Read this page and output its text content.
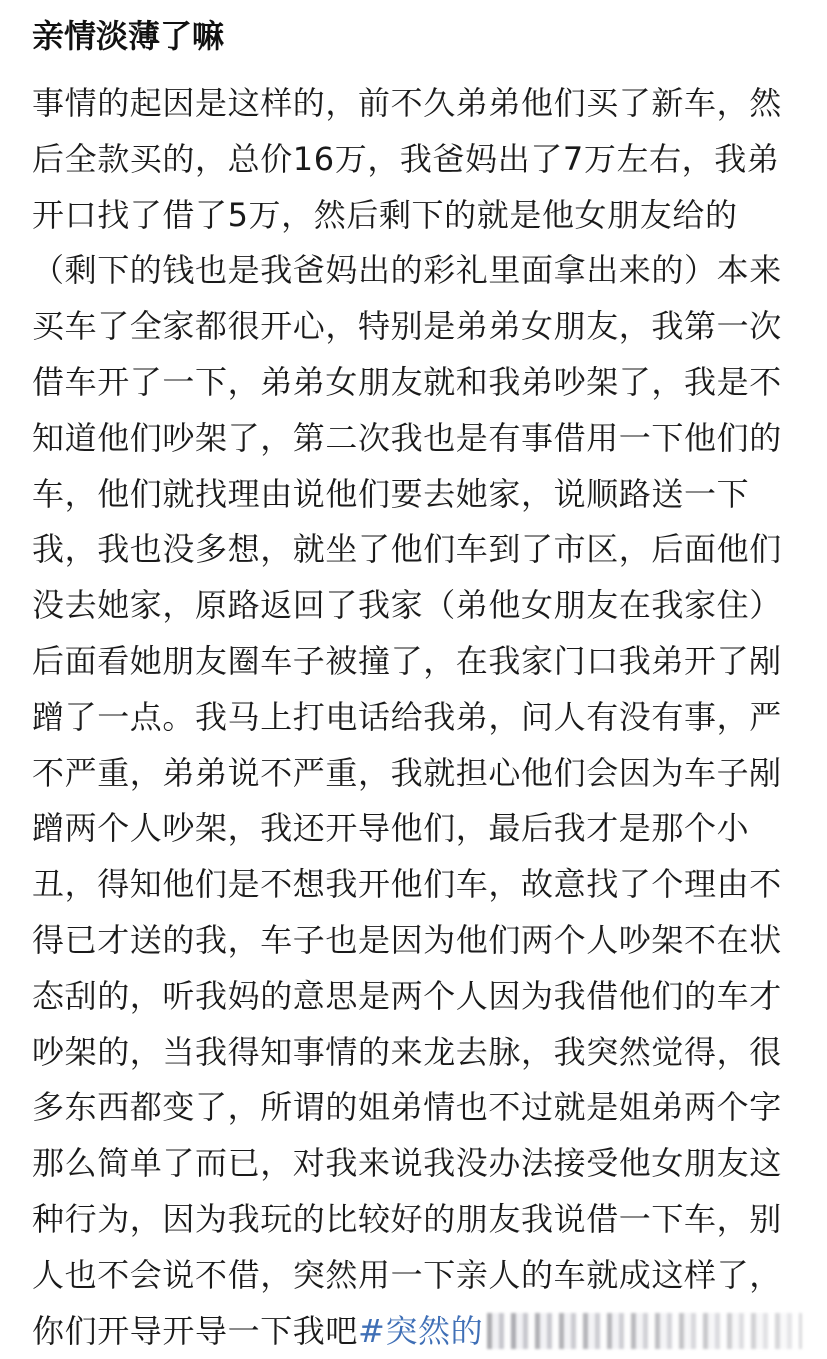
亲情淡薄了嘛
事情的起因是这样的，前不久弟弟他们买了新车，然
后全款买的，总价16万，我爸妈出了7万左右，我弟
开口找了借了5万，然后剩下的就是他女朋友给的
（剩下的钱也是我爸妈出的彩礼里面拿出来的）本来
买车了全家都很开心，特别是弟弟女朋友，我第一次
借车开了一下，弟弟女朋友就和我弟吵架了，我是不
知道他们吵架了，第二次我也是有事借用一下他们的
车，他们就找理由说他们要去她家，说顺路送一下
我，我也没多想，就坐了他们车到了市区，后面他们
没去她家，原路返回了我家（弟他女朋友在我家住）
后面看她朋友圈车子被撞了，在我家门口我弟开了剐
蹭了一点。我马上打电话给我弟，问人有没有事，严
不严重，弟弟说不严重，我就担心他们会因为车子剐
蹭两个人吵架，我还开导他们，最后我才是那个小
丑，得知他们是不想我开他们车，故意找了个理由不
得已才送的我，车子也是因为他们两个人吵架不在状
态刮的，听我妈的意思是两个人因为我借他们的车才
吵架的，当我得知事情的来龙去脉，我突然觉得，很
多东西都变了，所谓的姐弟情也不过就是姐弟两个字
那么简单了而已，对我来说我没办法接受他女朋友这
种行为，因为我玩的比较好的朋友我说借一下车，别
人也不会说不借，突然用一下亲人的车就成这样了，
你们开导开导一下我吧 #突然的
